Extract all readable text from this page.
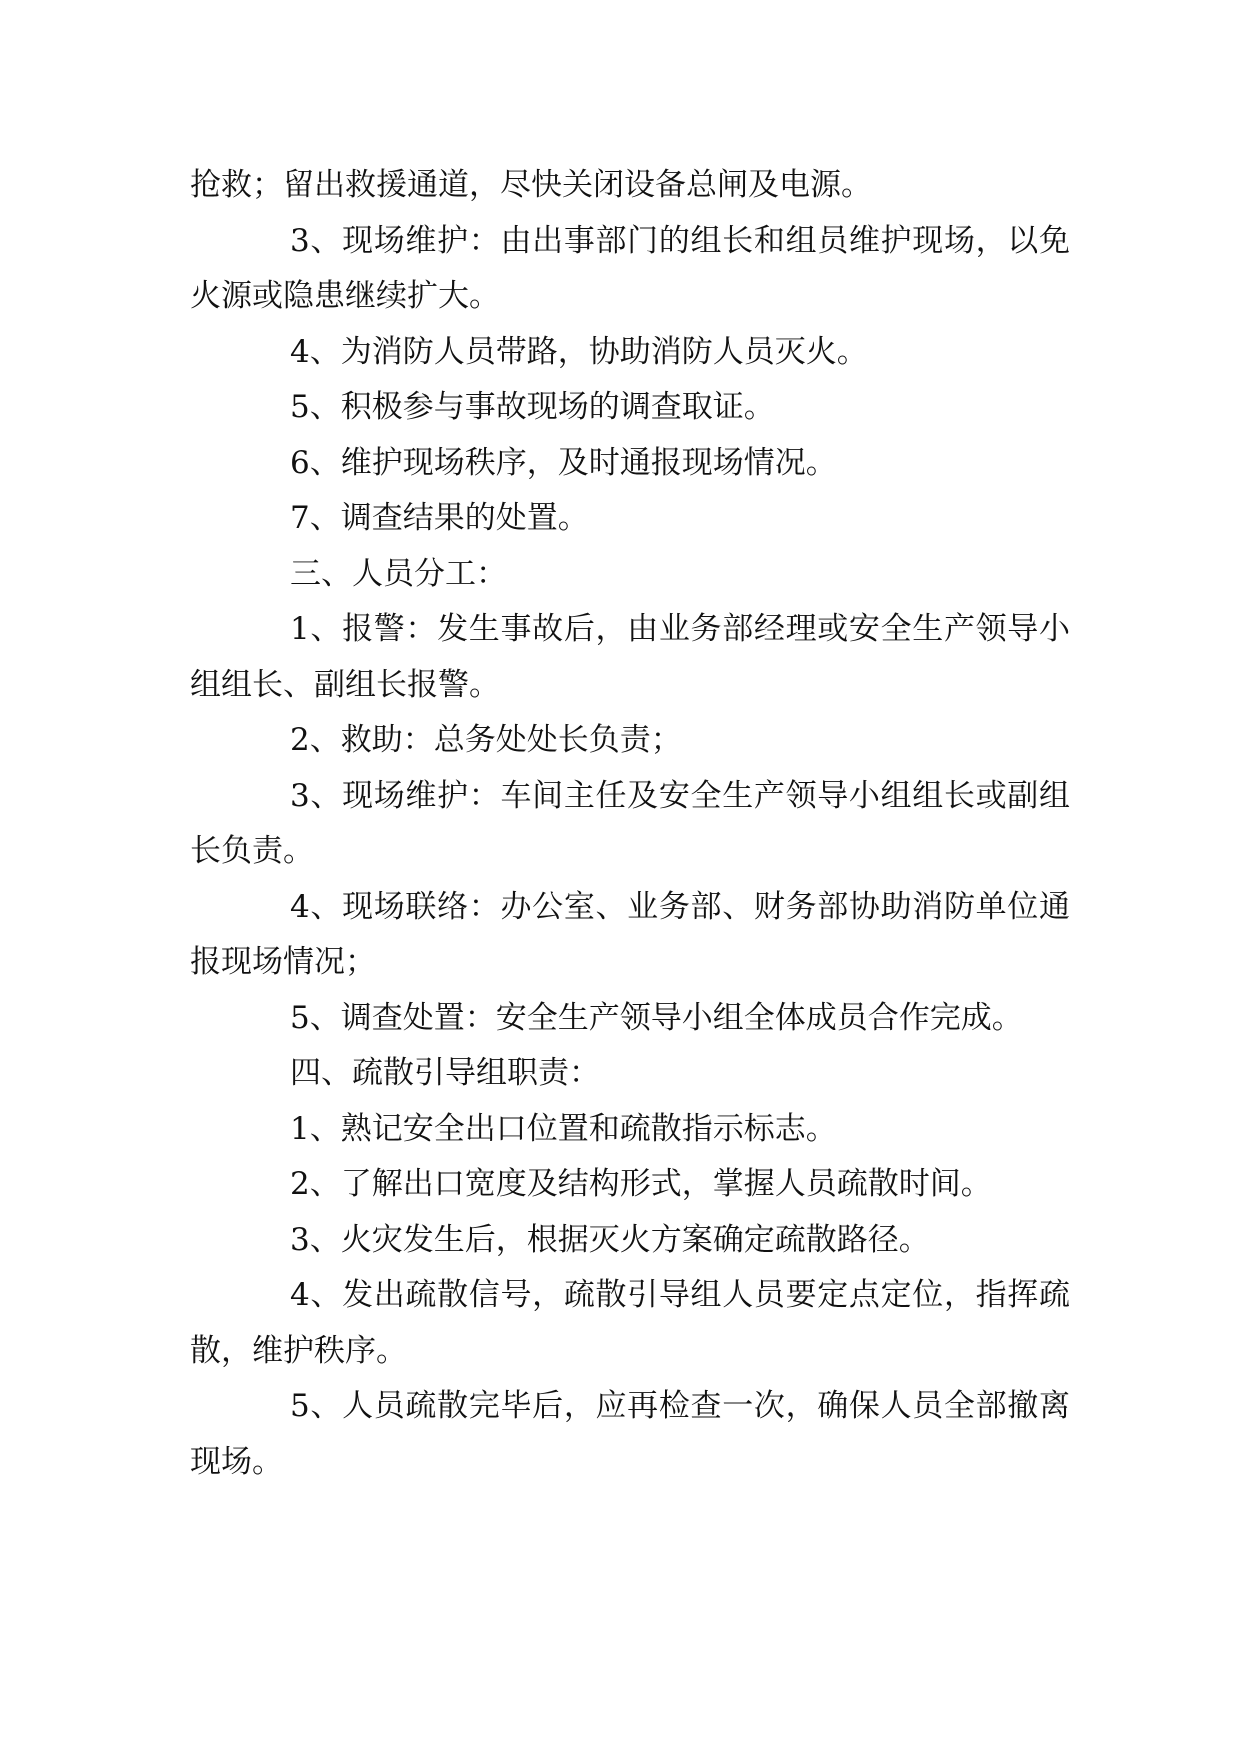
抢救；留出救援通道，尽快关闭设备总闸及电源。

3、现场维护：由出事部门的组长和组员维护现场，以免火源或隐患继续扩大。

4、为消防人员带路，协助消防人员灭火。

5、积极参与事故现场的调查取证。

6、维护现场秩序，及时通报现场情况。

7、调查结果的处置。

三、人员分工：

1、报警：发生事故后，由业务部经理或安全生产领导小组组长、副组长报警。

2、救助：总务处处长负责；

3、现场维护：车间主任及安全生产领导小组组长或副组长负责。

4、现场联络：办公室、业务部、财务部协助消防单位通报现场情况；

5、调查处置：安全生产领导小组全体成员合作完成。

四、疏散引导组职责：

1、熟记安全出口位置和疏散指示标志。

2、了解出口宽度及结构形式，掌握人员疏散时间。

3、火灾发生后，根据灭火方案确定疏散路径。

4、发出疏散信号，疏散引导组人员要定点定位，指挥疏散，维护秩序。

5、人员疏散完毕后，应再检查一次，确保人员全部撤离现场。
